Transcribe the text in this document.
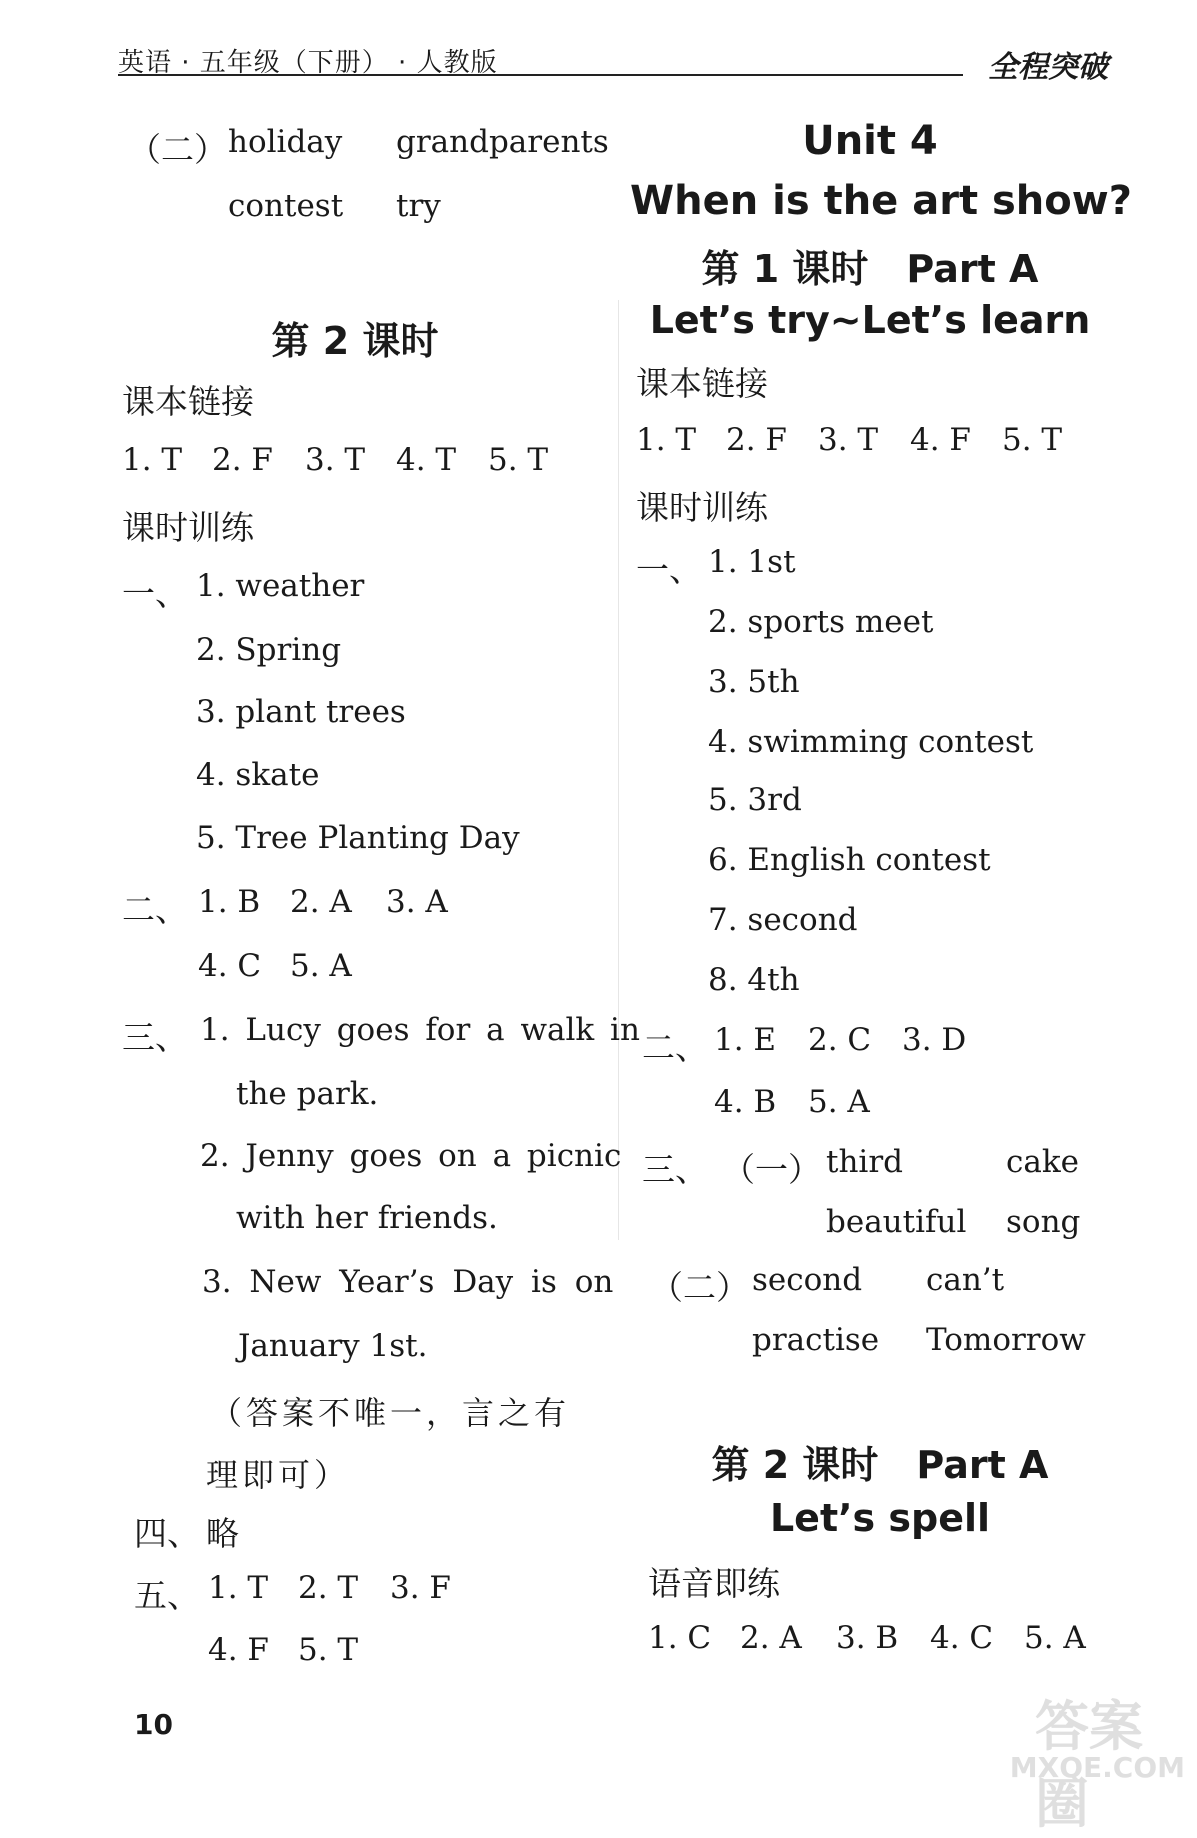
英语 · 五年级（下册） · 人教版	全程突破
（二） holiday grandparents
contest try
第 2 课时
课本链接
1. T 2. F 3. T 4. T 5. T
课时训练
一、 1. weather
2. Spring
3. plant trees
4. skate
5. Tree Planting Day
二、 1. B 2. A 3. A
4. C 5. A
三、 1. Lucy goes for a walk in
the park.
2. Jenny goes on a picnic
with her friends.
3. New Year’s Day is on
January 1st.
（答案不唯一，言之有
理即可）
四、 略
五、 1. T 2. T 3. F
4. F 5. T
Unit 4
When is the art show?
第 1 课时　Part A
Let’s try~Let’s learn
课本链接
1. T 2. F 3. T 4. F 5. T
课时训练
一、 1. 1st
2. sports meet
3. 5th
4. swimming contest
5. 3rd
6. English contest
7. second
8. 4th
二、 1. E 2. C 3. D
4. B 5. A
三、 （一） third	cake
beautiful song
（二） second can’t
practise Tomorrow
第 2 课时　Part A
Let’s spell
语音即练
1. C 2. A 3. B 4. C 5. A
10	答案圈
MXQE.COM
